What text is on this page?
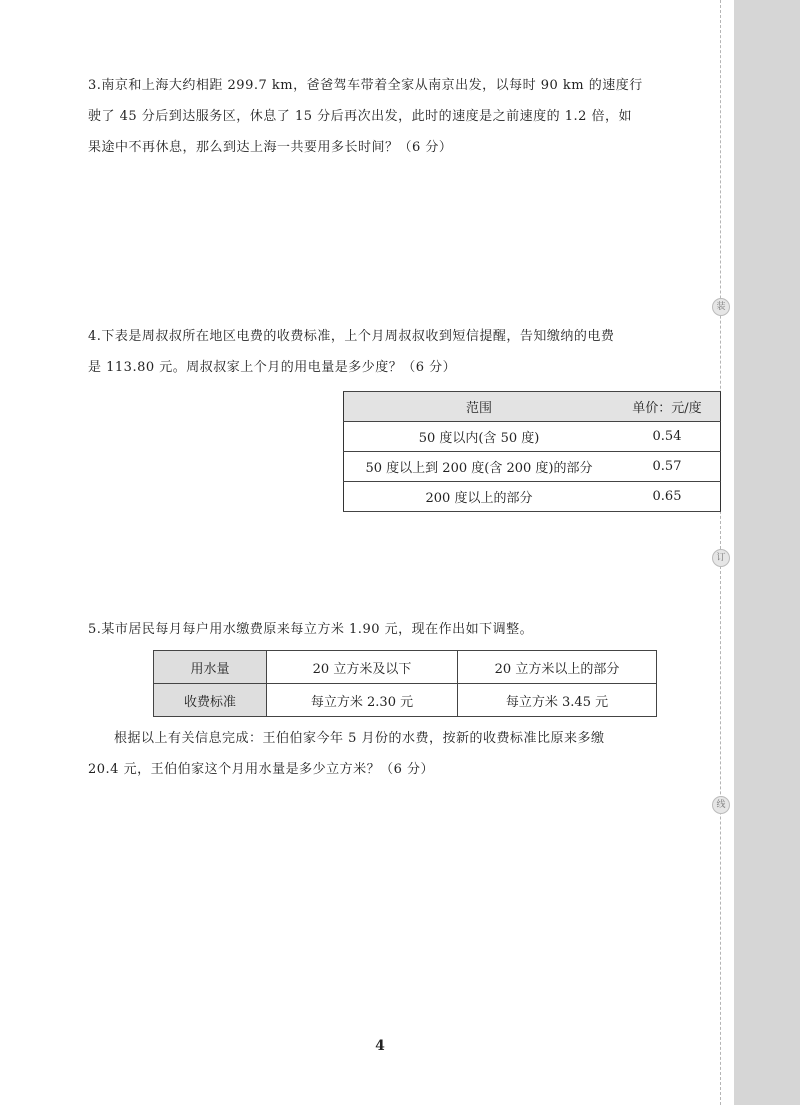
装
订
线

3.南京和上海大约相距 299.7 km，爸爸驾车带着全家从南京出发，以每时 90 km 的速度行

驶了 45 分后到达服务区，休息了 15 分后再次出发，此时的速度是之前速度的 1.2 倍，如

果途中不再休息，那么到达上海一共要用多长时间？（6 分）

4.下表是周叔叔所在地区电费的收费标准，上个月周叔叔收到短信提醒，告知缴纳的电费

是 113.80 元。周叔叔家上个月的用电量是多少度？（6 分）

范围	单价：元/度
50 度以内(含 50 度)	0.54
50 度以上到 200 度(含 200 度)的部分	0.57
200 度以上的部分	0.65

5.某市居民每月每户用水缴费原来每立方米 1.90 元，现在作出如下调整。

用水量	20 立方米及以下	20 立方米以上的部分
收费标准	每立方米 2.30 元	每立方米 3.45 元

根据以上有关信息完成：王伯伯家今年 5 月份的水费，按新的收费标准比原来多缴

20.4 元，王伯伯家这个月用水量是多少立方米？（6 分）

4
